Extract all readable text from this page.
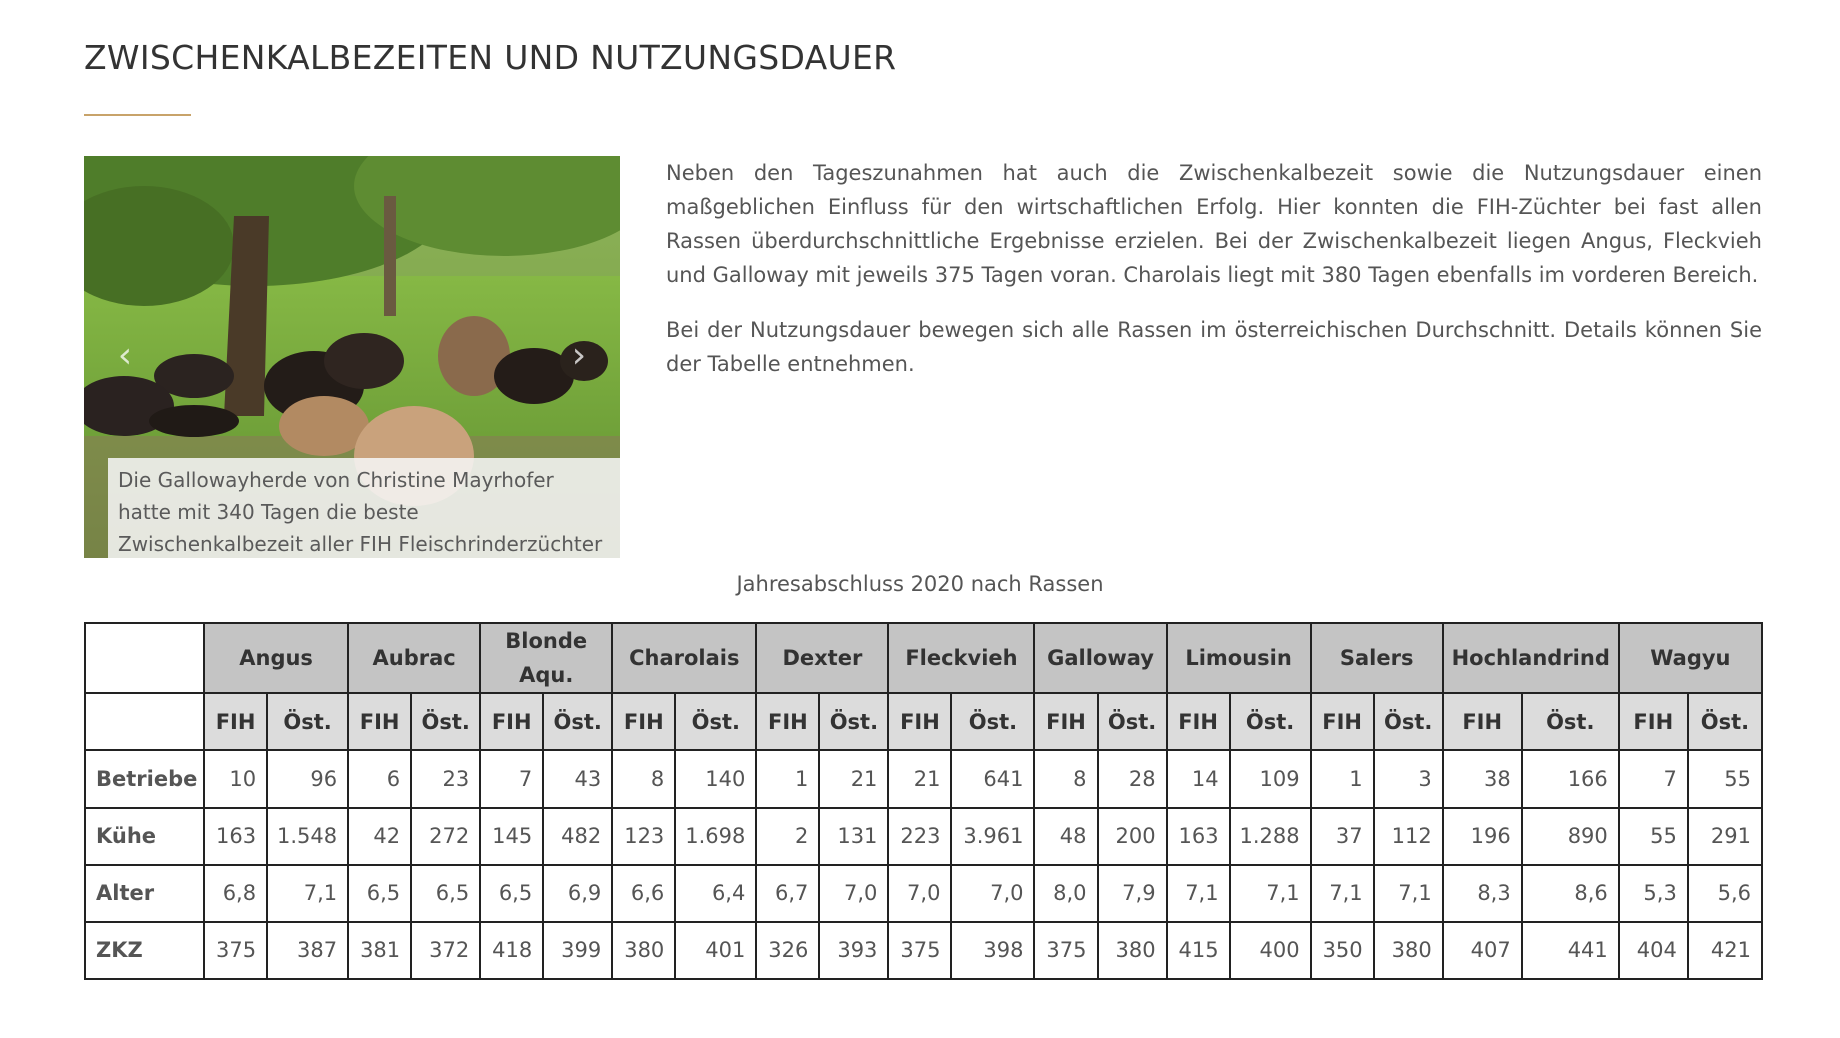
ZWISCHENKALBEZEITEN UND NUTZUNGSDAUER
‹	›
Die Gallowayherde von Christine Mayrhofer hatte mit 340 Tagen die beste Zwischenkalbezeit aller FIH Fleischrinderzüchter

Neben den Tageszunahmen hat auch die Zwischenkalbezeit sowie die Nutzungsdauer einen maßgeblichen Einfluss für den wirtschaftlichen Erfolg. Hier konnten die FIH-Züchter bei fast allen Rassen überdurchschnittliche Ergebnisse erzielen. Bei der Zwischenkalbezeit liegen Angus, Fleckvieh und Galloway mit jeweils 375 Tagen voran. Charolais liegt mit 380 Tagen ebenfalls im vorderen Bereich.

Bei der Nutzungsdauer bewegen sich alle Rassen im österreichischen Durchschnitt. Details können Sie der Tabelle entnehmen.

Jahresabschluss 2020 nach Rassen
	Angus		Aubrac		Blonde Aqu.		Charolais		Dexter		Fleckvieh		Galloway		Limousin		Salers		Hochlandrind		Wagyu	
	FIH	Öst.	FIH	Öst.	FIH	Öst.	FIH	Öst.	FIH	Öst.	FIH	Öst.	FIH	Öst.	FIH	Öst.	FIH	Öst.	FIH	Öst.	FIH	Öst.
Betriebe	10	96	6	23	7	43	8	140	1	21	21	641	8	28	14	109	1	3	38	166	7	55
Kühe	163	1.548	42	272	145	482	123	1.698	2	131	223	3.961	48	200	163	1.288	37	112	196	890	55	291
Alter	6,8	7,1	6,5	6,5	6,5	6,9	6,6	6,4	6,7	7,0	7,0	7,0	8,0	7,9	7,1	7,1	7,1	7,1	8,3	8,6	5,3	5,6
ZKZ	375	387	381	372	418	399	380	401	326	393	375	398	375	380	415	400	350	380	407	441	404	421
